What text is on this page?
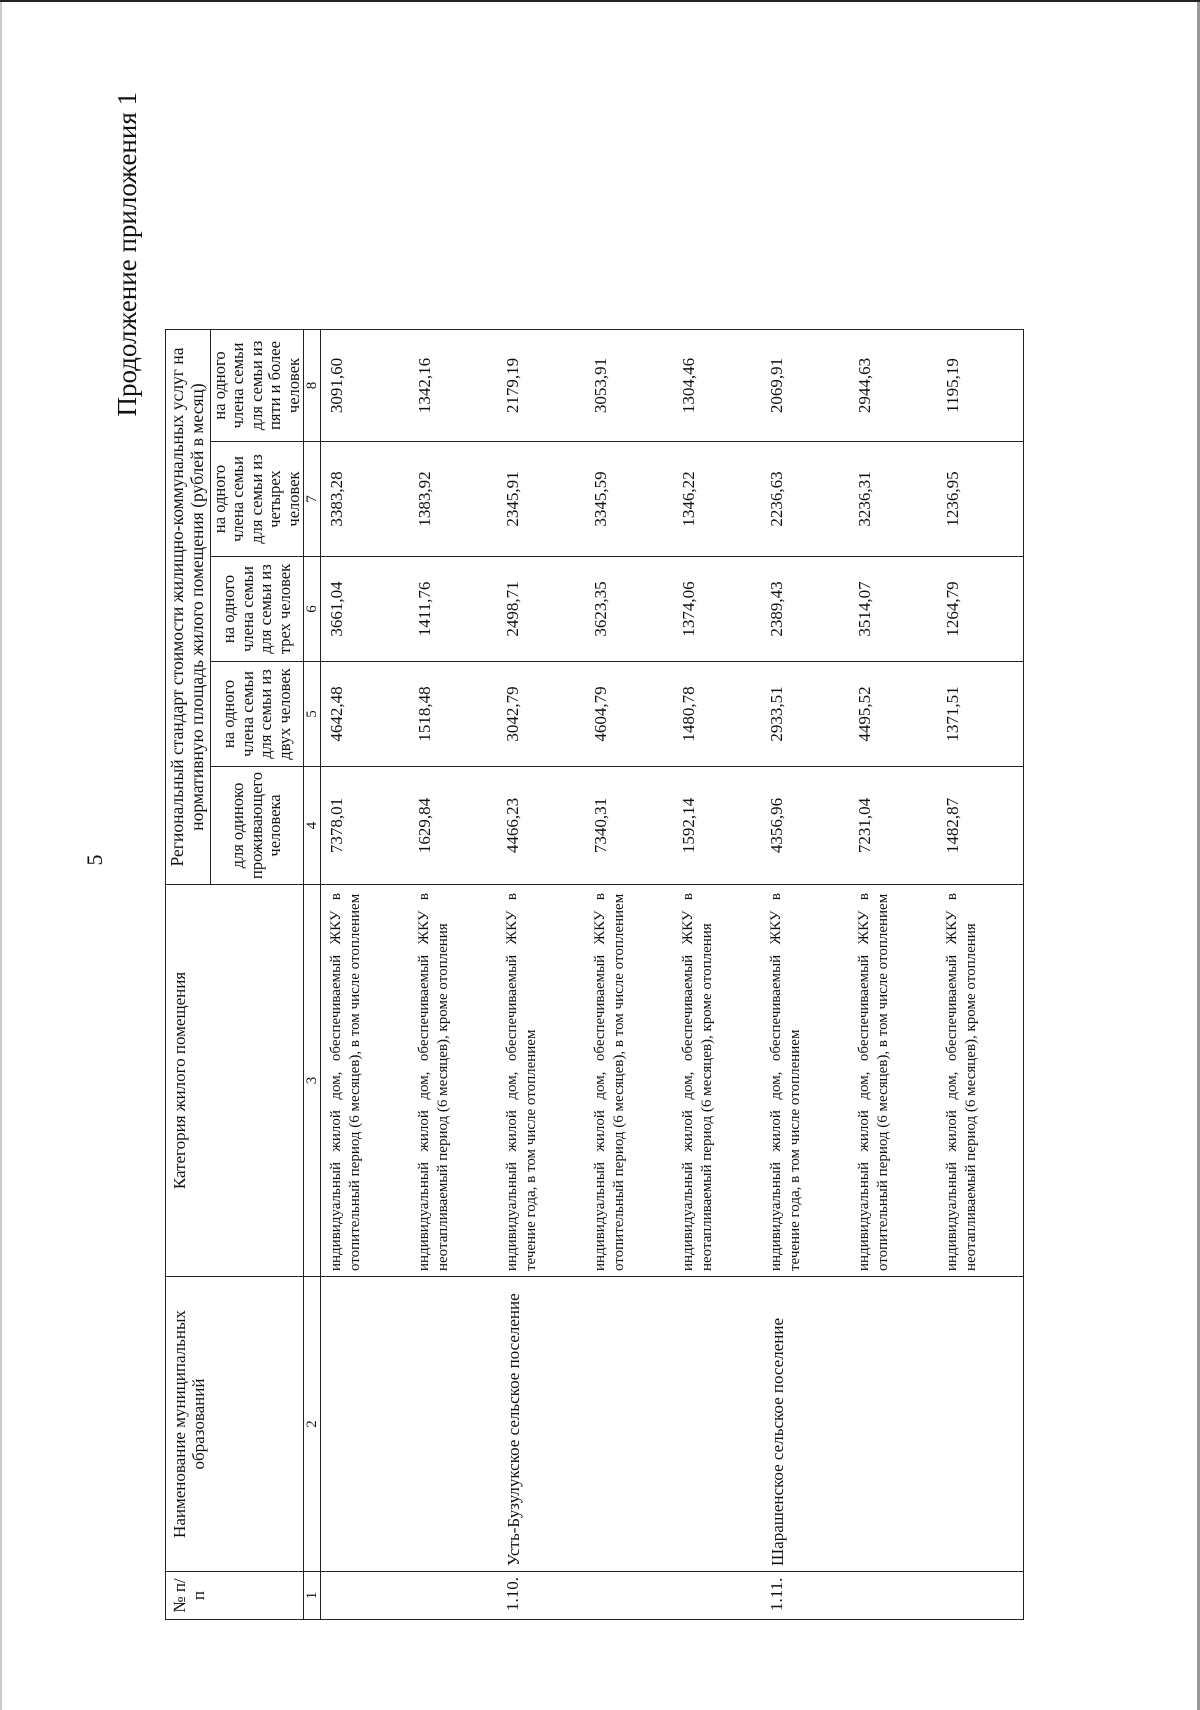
5
Продолжение приложения 1
№ п/п	Наименование муниципальных образований	Категория жилого помещения	Региональный стандарт стоимости жилищно-коммунальных услуг на нормативную площадь жилого помещения (рублей в месяц)				
			для одиноко проживающего человека	на одного члена семьи для семьи из двух человек	на одного члена семьи для семьи из трех человек	на одного члена семьи для семьи из четырех человек	на одного члена семьи для семьи из пяти и более человек
1	2	3	4	5	6	7	8
		индивидуальный жилой дом, обеспечиваемый ЖКУ в отопительный период (6 месяцев), в том числе отоплением	7378,01	4642,48	3661,04	3383,28	3091,60
		индивидуальный жилой дом, обеспечиваемый ЖКУ в неотапливаемый период (6 месяцев), кроме отопления	1629,84	1518,48	1411,76	1383,92	1342,16
1.10.	Усть-Бузулукское сельское поселение	индивидуальный жилой дом, обеспечиваемый ЖКУ в течение года, в том числе отоплением	4466,23	3042,79	2498,71	2345,91	2179,19
		индивидуальный жилой дом, обеспечиваемый ЖКУ в отопительный период (6 месяцев), в том числе отоплением	7340,31	4604,79	3623,35	3345,59	3053,91
		индивидуальный жилой дом, обеспечиваемый ЖКУ в неотапливаемый период (6 месяцев), кроме отопления	1592,14	1480,78	1374,06	1346,22	1304,46
1.11.	Шарашенское сельское поселение	индивидуальный жилой дом, обеспечиваемый ЖКУ в течение года, в том числе отоплением	4356,96	2933,51	2389,43	2236,63	2069,91
		индивидуальный жилой дом, обеспечиваемый ЖКУ в отопительный период (6 месяцев), в том числе отоплением	7231,04	4495,52	3514,07	3236,31	2944,63
		индивидуальный жилой дом, обеспечиваемый ЖКУ в неотапливаемый период (6 месяцев), кроме отопления	1482,87	1371,51	1264,79	1236,95	1195,19
